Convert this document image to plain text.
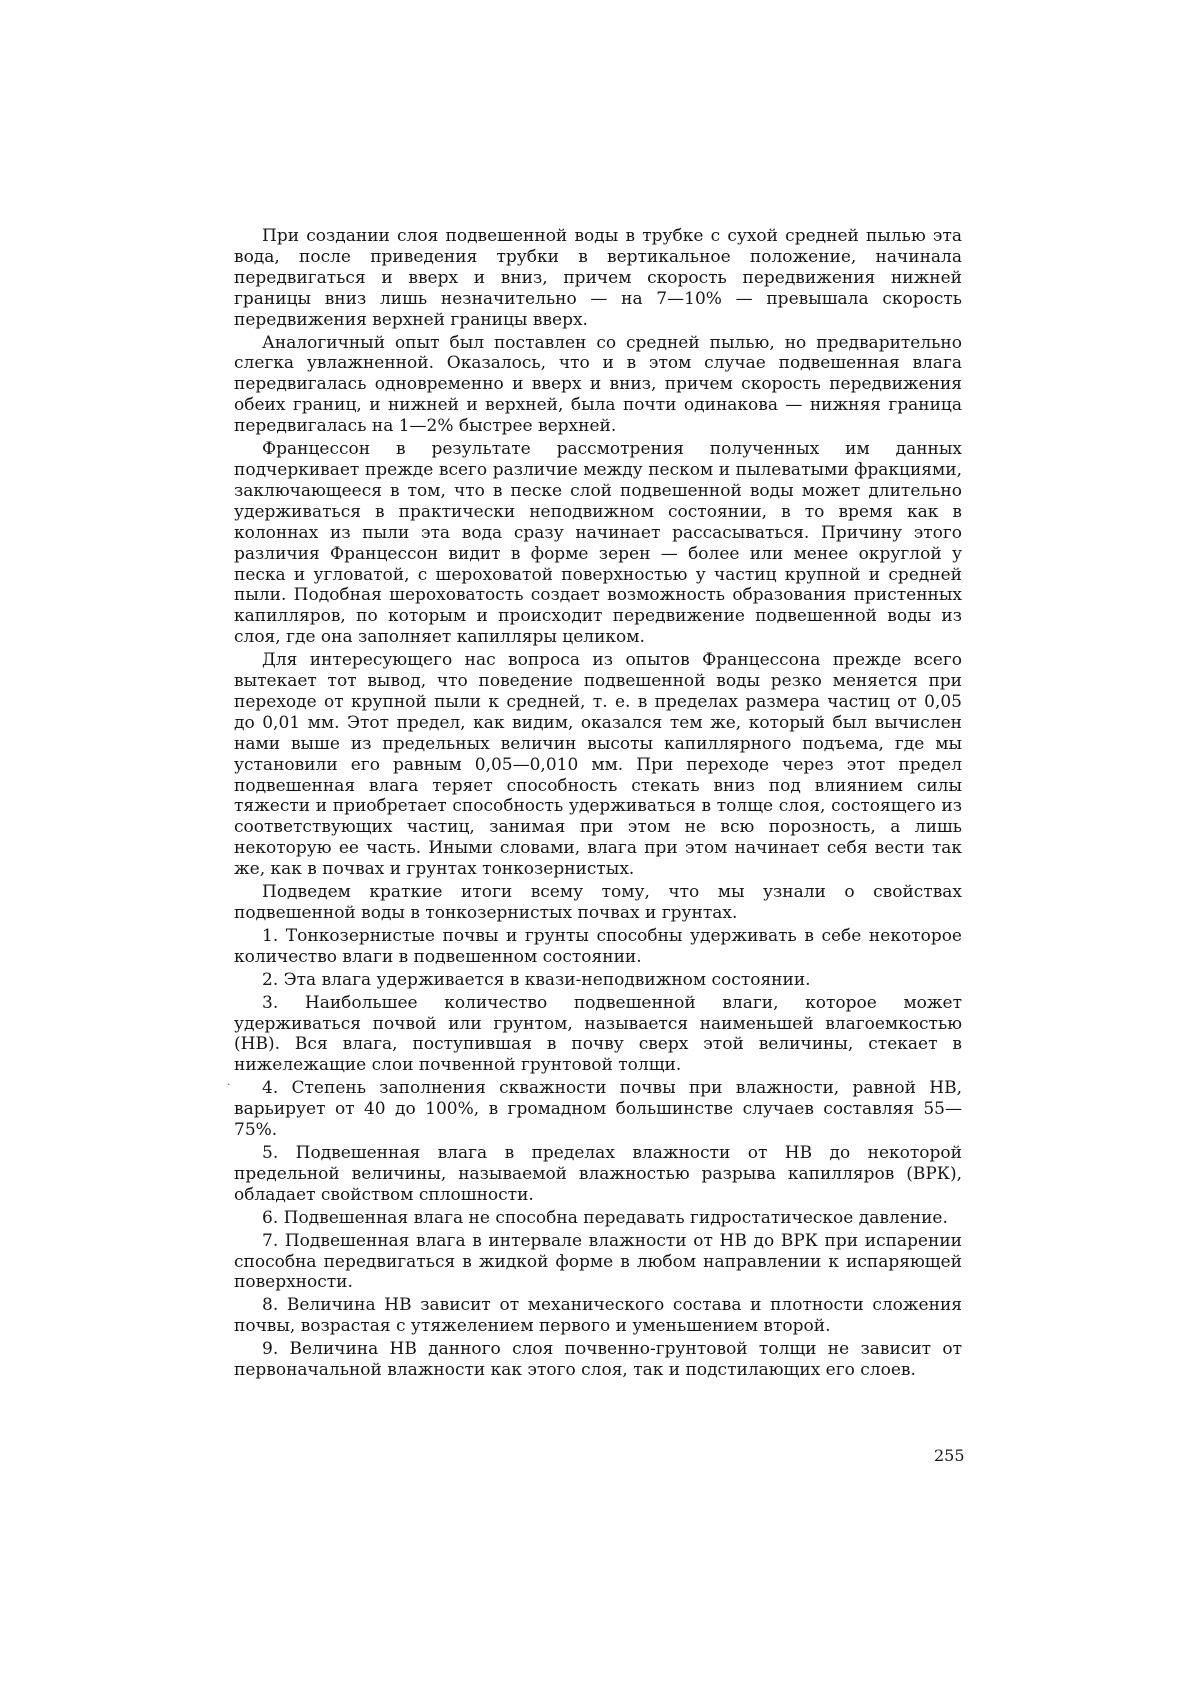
При создании слоя подвешенной воды в трубке с сухой средней пылью эта вода, после приведения трубки в вертикальное положение, начинала передвигаться и вверх и вниз, причем скорость передвижения нижней границы вниз лишь незначительно — на 7—10% — превышала скорость передвижения верхней границы вверх.

Аналогичный опыт был поставлен со средней пылью, но предварительно слегка увлажненной. Оказалось, что и в этом случае подвешенная влага передвигалась одновременно и вверх и вниз, причем скорость передвижения обеих границ, и нижней и верхней, была почти одинакова — нижняя граница передвигалась на 1—2% быстрее верхней.

Францессон в результате рассмотрения полученных им данных подчеркивает прежде всего различие между песком и пылеватыми фракциями, заключающееся в том, что в песке слой подвешенной воды может длительно удерживаться в практически неподвижном состоянии, в то время как в колоннах из пыли эта вода сразу начинает рассасываться. Причину этого различия Францессон видит в форме зерен — более или менее округлой у песка и угловатой, с шероховатой поверхностью у частиц крупной и средней пыли. Подобная шероховатость создает возможность образования пристенных капилляров, по которым и происходит передвижение подвешенной воды из слоя, где она заполняет капилляры целиком.

Для интересующего нас вопроса из опытов Францессона прежде всего вытекает тот вывод, что поведение подвешенной воды резко меняется при переходе от крупной пыли к средней, т. е. в пределах размера частиц от 0,05 до 0,01 мм. Этот предел, как видим, оказался тем же, который был вычислен нами выше из предельных величин высоты капиллярного подъема, где мы установили его равным 0,05—0,010 мм. При переходе через этот предел подвешенная влага теряет способность стекать вниз под влиянием силы тяжести и приобретает способность удерживаться в толще слоя, состоящего из соответствующих частиц, занимая при этом не всю порозность, а лишь некоторую ее часть. Иными словами, влага при этом начинает себя вести так же, как в почвах и грунтах тонкозернистых.

Подведем краткие итоги всему тому, что мы узнали о свойствах подвешенной воды в тонкозернистых почвах и грунтах.

1. Тонкозернистые почвы и грунты способны удерживать в себе некоторое количество влаги в подвешенном состоянии.

2. Эта влага удерживается в квази-неподвижном состоянии.

3. Наибольшее количество подвешенной влаги, которое может удерживаться почвой или грунтом, называется наименьшей влагоемкостью (НВ). Вся влага, поступившая в почву сверх этой величины, стекает в нижележащие слои почвенной грунтовой толщи.

4. Степень заполнения скважности почвы при влажности, равной НВ, варьирует от 40 до 100%, в громадном большинстве случаев составляя 55—75%.

5. Подвешенная влага в пределах влажности от НВ до некоторой предельной величины, называемой влажностью разрыва капилляров (ВРК), обладает свойством сплошности.

6. Подвешенная влага не способна передавать гидростатическое давление.

7. Подвешенная влага в интервале влажности от НВ до ВРК при испарении способна передвигаться в жидкой форме в любом направлении к испаряющей поверхности.

8. Величина НВ зависит от механического состава и плотности сложения почвы, возрастая с утяжелением первого и уменьшением второй.

9. Величина НВ данного слоя почвенно-грунтовой толщи не зависит от первоначальной влажности как этого слоя, так и подстилающих его слоев.

·
255
